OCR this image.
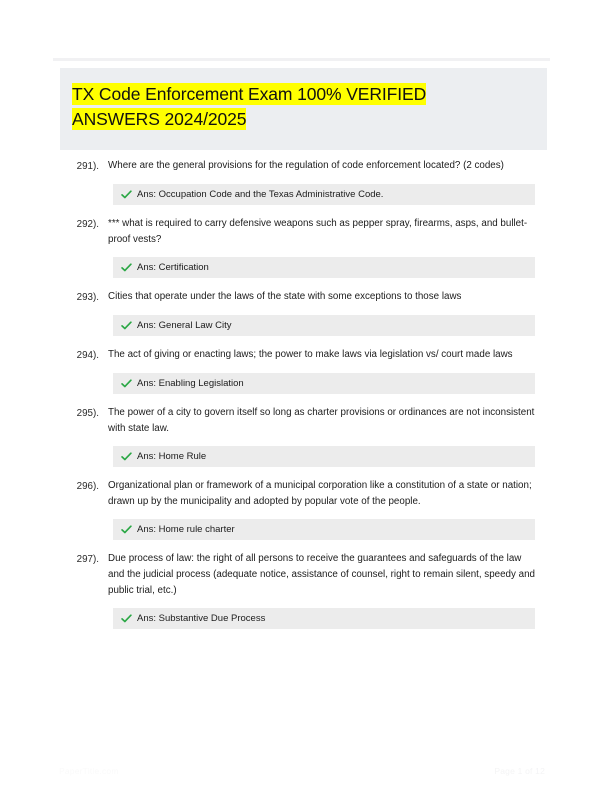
TX Code Enforcement Exam 100% VERIFIED
ANSWERS 2024/2025
291). Where are the general provisions for the regulation of code enforcement located? (2 codes)
Ans: Occupation Code and the Texas Administrative Code.
292). *** what is required to carry defensive weapons such as pepper spray, firearms, asps, and bullet-proof vests?
Ans: Certification
293). Cities that operate under the laws of the state with some exceptions to those laws
Ans: General Law City
294). The act of giving or enacting laws; the power to make laws via legislation vs/ court made laws
Ans: Enabling Legislation
295). The power of a city to govern itself so long as charter provisions or ordinances are not inconsistent with state law.
Ans: Home Rule
296). Organizational plan or framework of a municipal corporation like a constitution of a state or nation; drawn up by the municipality and adopted by popular vote of the people.
Ans: Home rule charter
297). Due process of law: the right of all persons to receive the guarantees and safeguards of the law and the judicial process (adequate notice, assistance of counsel, right to remain silent, speedy and public trial, etc.)
Ans: Substantive Due Process
PaperTitle.com	Page 1 of 12
